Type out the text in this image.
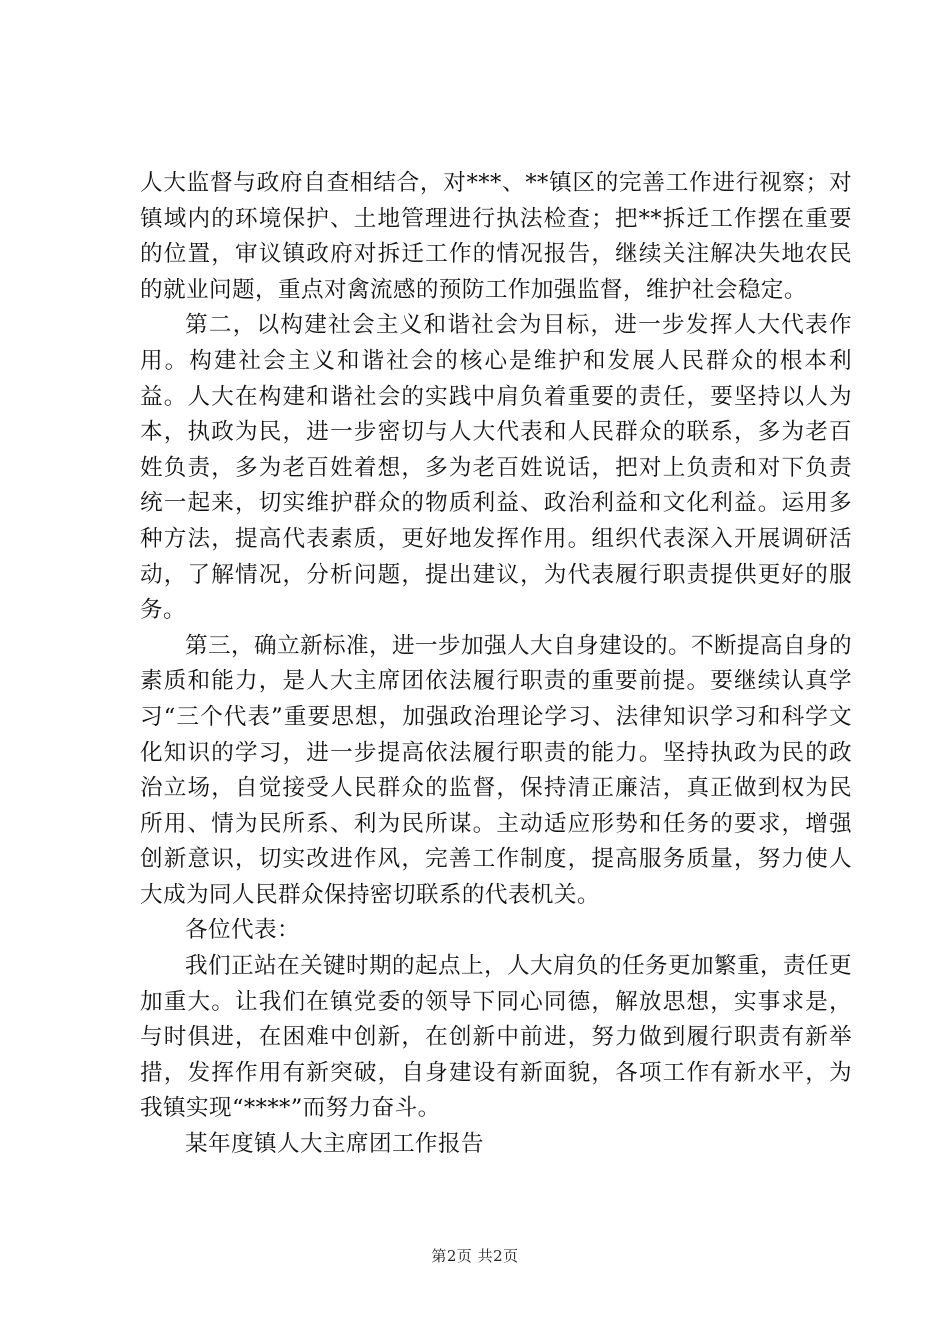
人大监督与政府自查相结合，对***、**镇区的完善工作进行视察；对镇域内的环境保护、土地管理进行执法检查；把**拆迁工作摆在重要的位置，审议镇政府对拆迁工作的情况报告，继续关注解决失地农民的就业问题，重点对禽流感的预防工作加强监督，维护社会稳定。

第二，以构建社会主义和谐社会为目标，进一步发挥人大代表作用。构建社会主义和谐社会的核心是维护和发展人民群众的根本利益。人大在构建和谐社会的实践中肩负着重要的责任，要坚持以人为本，执政为民，进一步密切与人大代表和人民群众的联系，多为老百姓负责，多为老百姓着想，多为老百姓说话，把对上负责和对下负责统一起来，切实维护群众的物质利益、政治利益和文化利益。运用多种方法，提高代表素质，更好地发挥作用。组织代表深入开展调研活动，了解情况，分析问题，提出建议，为代表履行职责提供更好的服务。

第三，确立新标准，进一步加强人大自身建设的。不断提高自身的素质和能力，是人大主席团依法履行职责的重要前提。要继续认真学习“三个代表”重要思想，加强政治理论学习、法律知识学习和科学文化知识的学习，进一步提高依法履行职责的能力。坚持执政为民的政治立场，自觉接受人民群众的监督，保持清正廉洁，真正做到权为民所用、情为民所系、利为民所谋。主动适应形势和任务的要求，增强创新意识，切实改进作风，完善工作制度，提高服务质量，努力使人大成为同人民群众保持密切联系的代表机关。

各位代表：

我们正站在关键时期的起点上，人大肩负的任务更加繁重，责任更加重大。让我们在镇党委的领导下同心同德，解放思想，实事求是，与时俱进，在困难中创新，在创新中前进，努力做到履行职责有新举措，发挥作用有新突破，自身建设有新面貌，各项工作有新水平，为我镇实现“****”而努力奋斗。

某年度镇人大主席团工作报告

第2页 共2页
